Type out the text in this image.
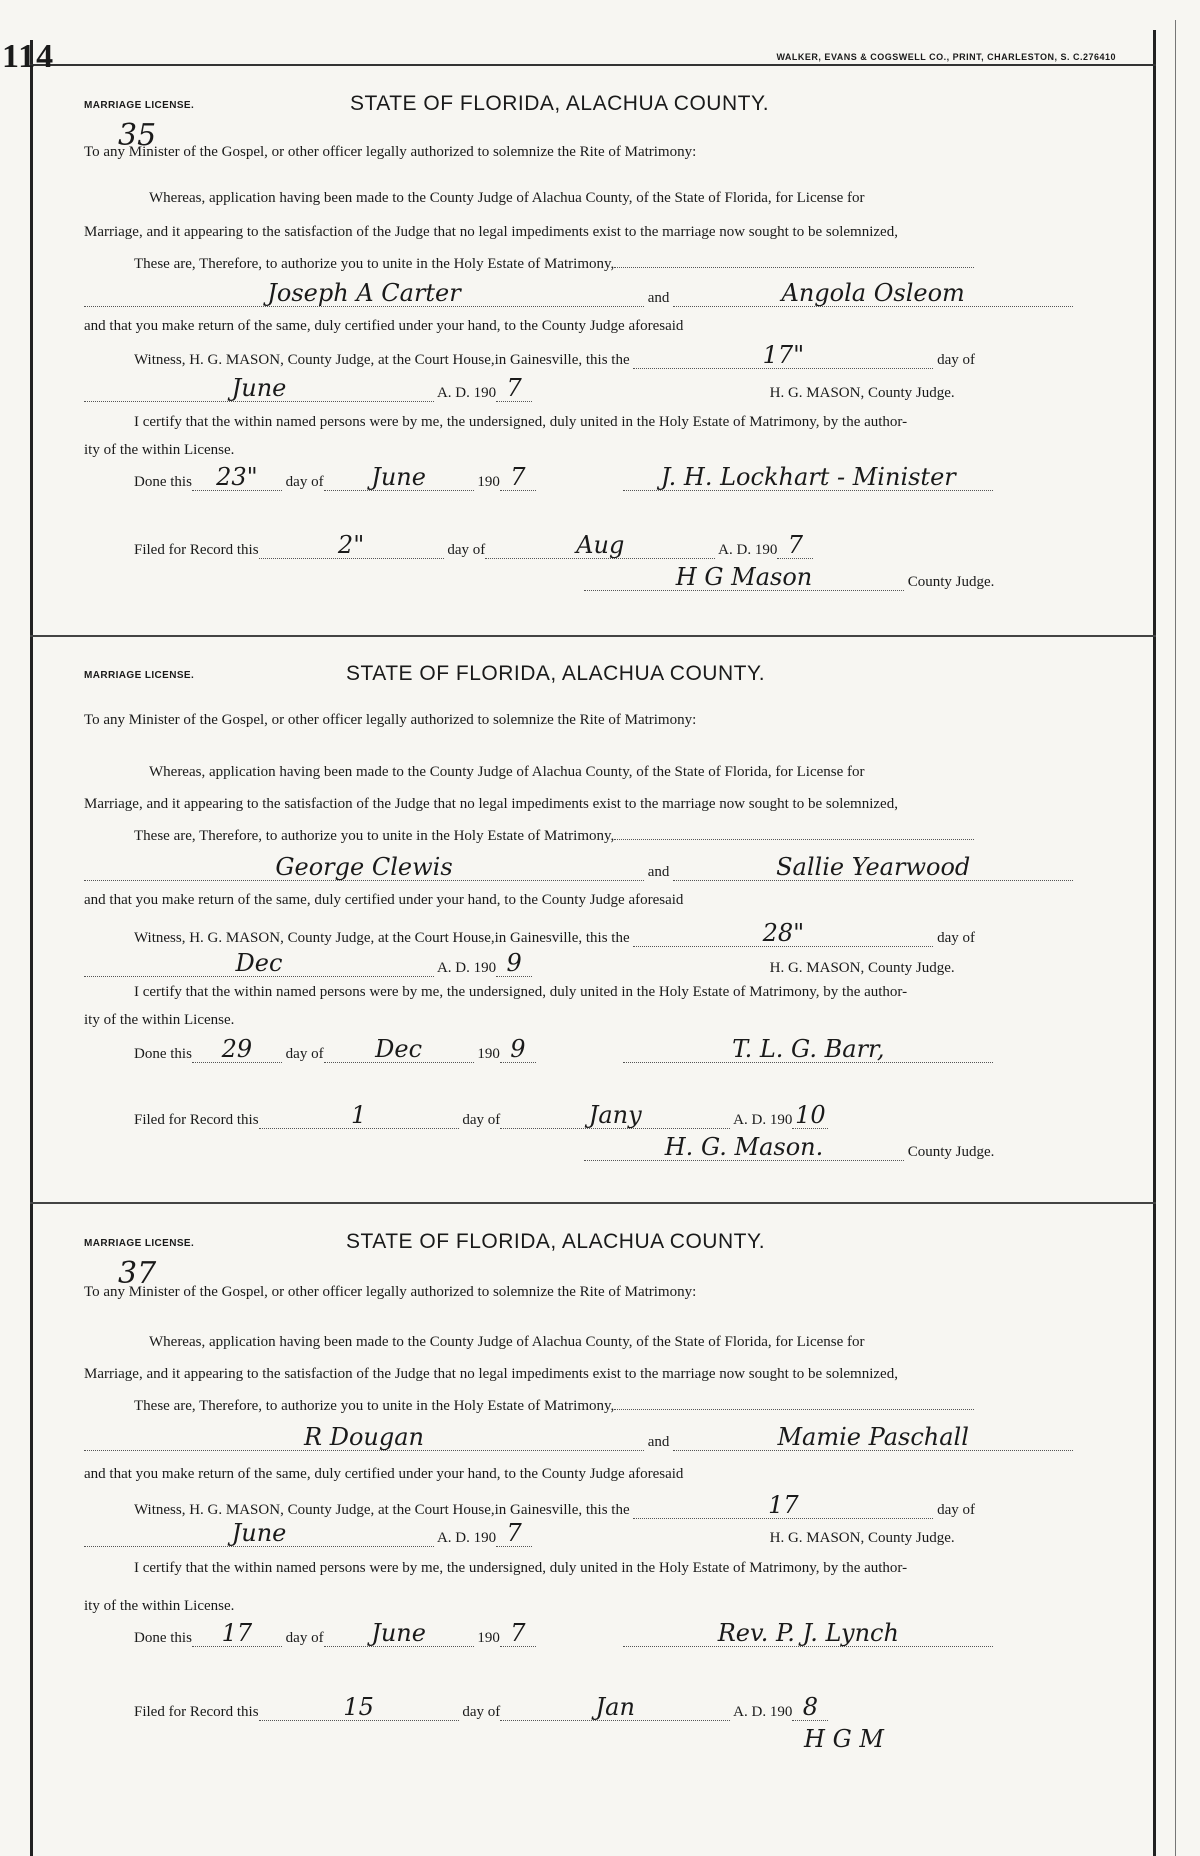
114	WALKER, EVANS & COGSWELL CO., PRINT, CHARLESTON, S. C.276410
MARRIAGE LICENSE.	STATE OF FLORIDA, ALACHUA COUNTY.
35
To any Minister of the Gospel, or other officer legally authorized to solemnize the Rite of Matrimony:
Whereas, application having been made to the County Judge of Alachua County, of the State of Florida, for License for
Marriage, and it appearing to the satisfaction of the Judge that no legal impediments exist to the marriage now sought to be solemnized,
These are, Therefore, to authorize you to unite in the Holy Estate of Matrimony,
Joseph A Carter	and	Angola Osleom
and that you make return of the same, duly certified under your hand, to the County Judge aforesaid
Witness, H. G. MASON, County Judge, at the Court House,in Gainesville, this the	17"	day of
June	A. D. 190 7	H. G. MASON, County Judge.
I certify that the within named persons were by me, the undersigned, duly united in the Holy Estate of Matrimony, by the author-
ity of the within License.
Done this 23" day of June	190 7	J. H. Lockhart - Minister
Filed for Record this	2"	day of	Aug	A. D. 190 7
H G Mason	County Judge.
MARRIAGE LICENSE.	STATE OF FLORIDA, ALACHUA COUNTY.
To any Minister of the Gospel, or other officer legally authorized to solemnize the Rite of Matrimony:
Whereas, application having been made to the County Judge of Alachua County, of the State of Florida, for License for
Marriage, and it appearing to the satisfaction of the Judge that no legal impediments exist to the marriage now sought to be solemnized,
These are, Therefore, to authorize you to unite in the Holy Estate of Matrimony,
George Clewis	and	Sallie Yearwood
and that you make return of the same, duly certified under your hand, to the County Judge aforesaid
Witness, H. G. MASON, County Judge, at the Court House,in Gainesville, this the	28"	day of
Dec	A. D. 190 9	H. G. MASON, County Judge.
I certify that the within named persons were by me, the undersigned, duly united in the Holy Estate of Matrimony, by the author-
ity of the within License.
Done this 29 day of Dec	190 9	T. L. G. Barr,
Filed for Record this	1	day of	Jany	A. D. 190 10
H. G. Mason.	County Judge.
MARRIAGE LICENSE.	STATE OF FLORIDA, ALACHUA COUNTY.
37
To any Minister of the Gospel, or other officer legally authorized to solemnize the Rite of Matrimony:
Whereas, application having been made to the County Judge of Alachua County, of the State of Florida, for License for
Marriage, and it appearing to the satisfaction of the Judge that no legal impediments exist to the marriage now sought to be solemnized,
These are, Therefore, to authorize you to unite in the Holy Estate of Matrimony,
R Dougan	and	Mamie Paschall
and that you make return of the same, duly certified under your hand, to the County Judge aforesaid
Witness, H. G. MASON, County Judge, at the Court House,in Gainesville, this the	17	day of
June	A. D. 190 7	H. G. MASON, County Judge.
I certify that the within named persons were by me, the undersigned, duly united in the Holy Estate of Matrimony, by the author-
ity of the within License.
Done this 17 day of June	190 7	Rev. P. J. Lynch
Filed for Record this	15	day of	Jan	A. D. 190 8
H G M
